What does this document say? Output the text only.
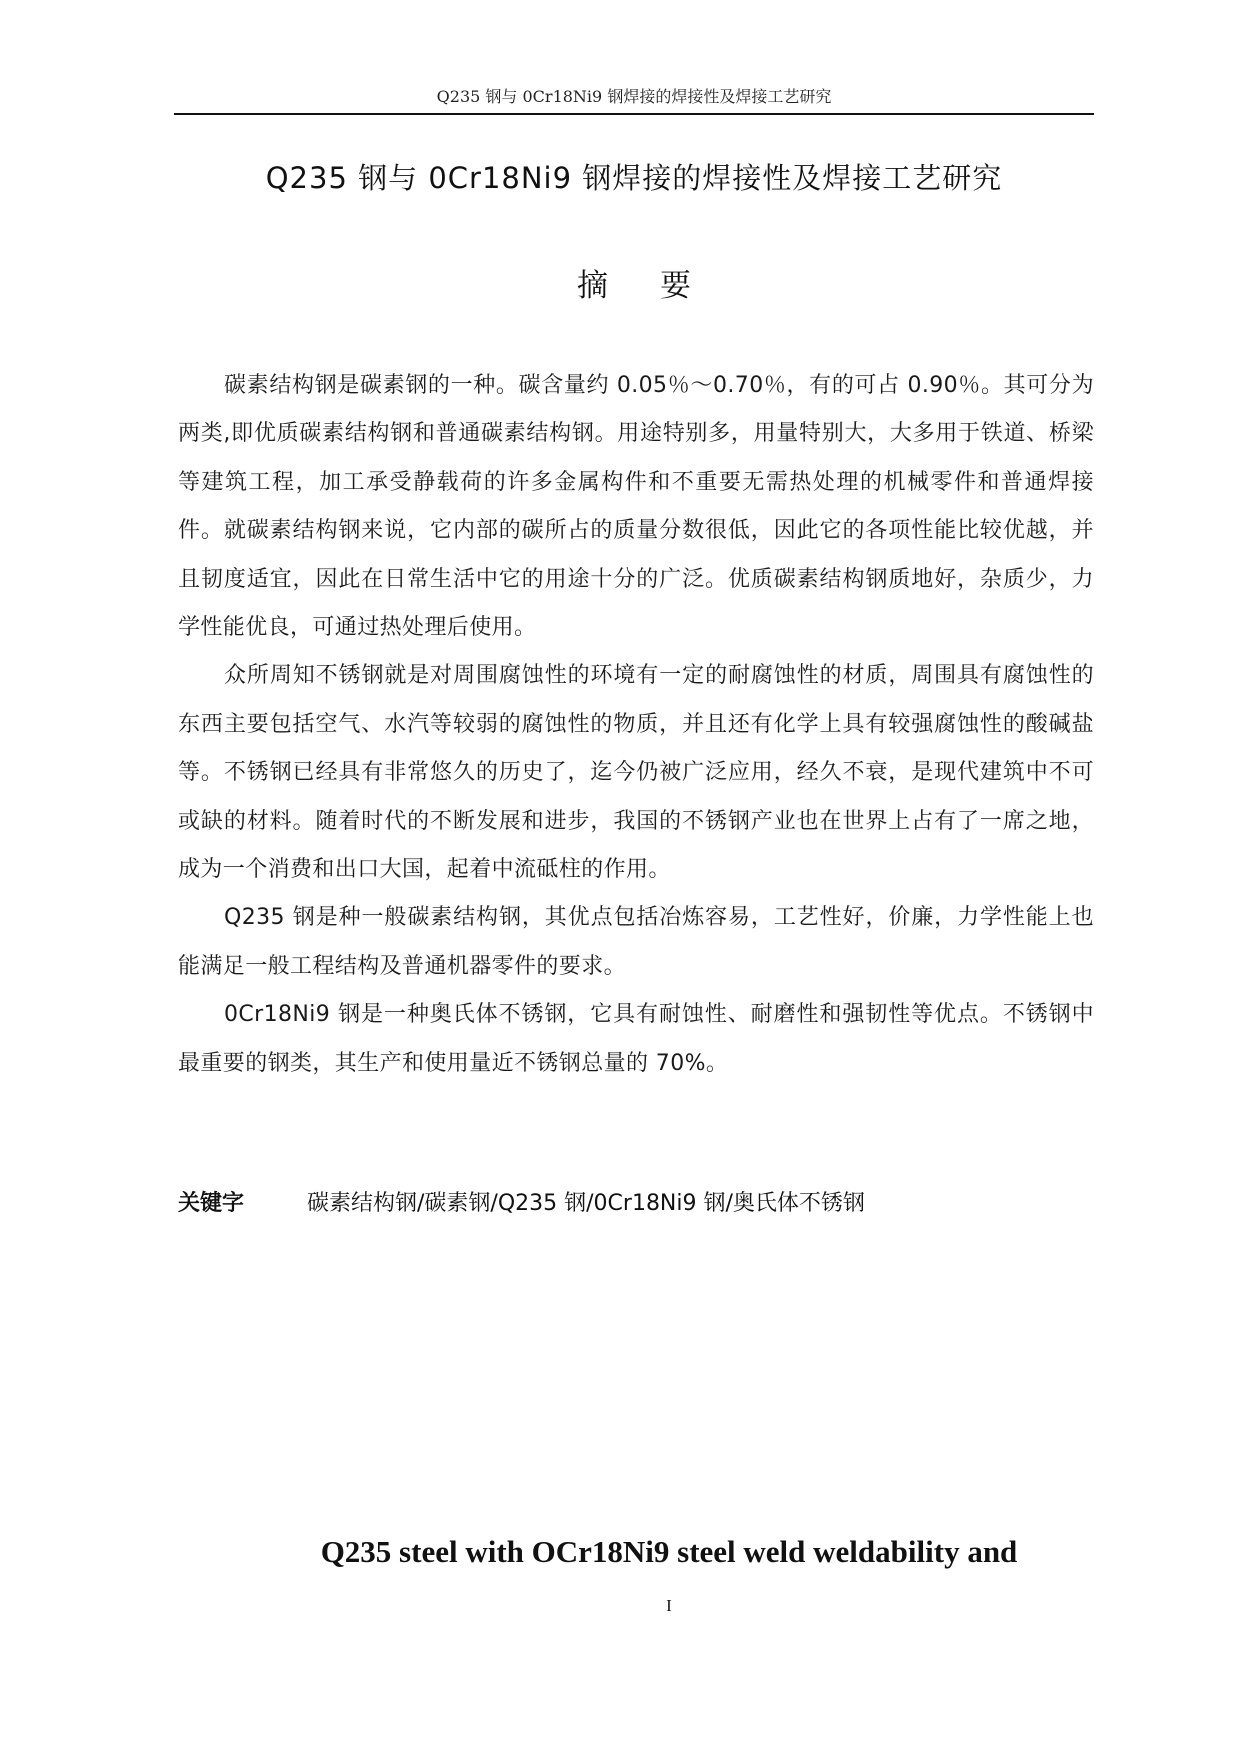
Q235 钢与 0Cr18Ni9 钢焊接的焊接性及焊接工艺研究
Q235 钢与 0Cr18Ni9 钢焊接的焊接性及焊接工艺研究
摘 要

碳素结构钢是碳素钢的一种。碳含量约 0.05％～0.70％，有的可占 0.90％。其可分为两类,即优质碳素结构钢和普通碳素结构钢。用途特别多，用量特别大，大多用于铁道、桥梁等建筑工程，加工承受静载荷的许多金属构件和不重要无需热处理的机械零件和普通焊接件。就碳素结构钢来说，它内部的碳所占的质量分数很低，因此它的各项性能比较优越，并且韧度适宜，因此在日常生活中它的用途十分的广泛。优质碳素结构钢质地好，杂质少，力学性能优良，可通过热处理后使用。

众所周知不锈钢就是对周围腐蚀性的环境有一定的耐腐蚀性的材质，周围具有腐蚀性的东西主要包括空气、水汽等较弱的腐蚀性的物质，并且还有化学上具有较强腐蚀性的酸碱盐等。不锈钢已经具有非常悠久的历史了，迄今仍被广泛应用，经久不衰，是现代建筑中不可或缺的材料。随着时代的不断发展和进步，我国的不锈钢产业也在世界上占有了一席之地，成为一个消费和出口大国，起着中流砥柱的作用。

Q235 钢是种一般碳素结构钢，其优点包括冶炼容易，工艺性好，价廉，力学性能上也能满足一般工程结构及普通机器零件的要求。

0Cr18Ni9 钢是一种奥氏体不锈钢，它具有耐蚀性、耐磨性和强韧性等优点。不锈钢中最重要的钢类，其生产和使用量近不锈钢总量的 70%。

关键字	碳素结构钢/碳素钢/Q235 钢/0Cr18Ni9 钢/奥氏体不锈钢
Q235 steel with OCr18Ni9 steel weld weldability and
I
